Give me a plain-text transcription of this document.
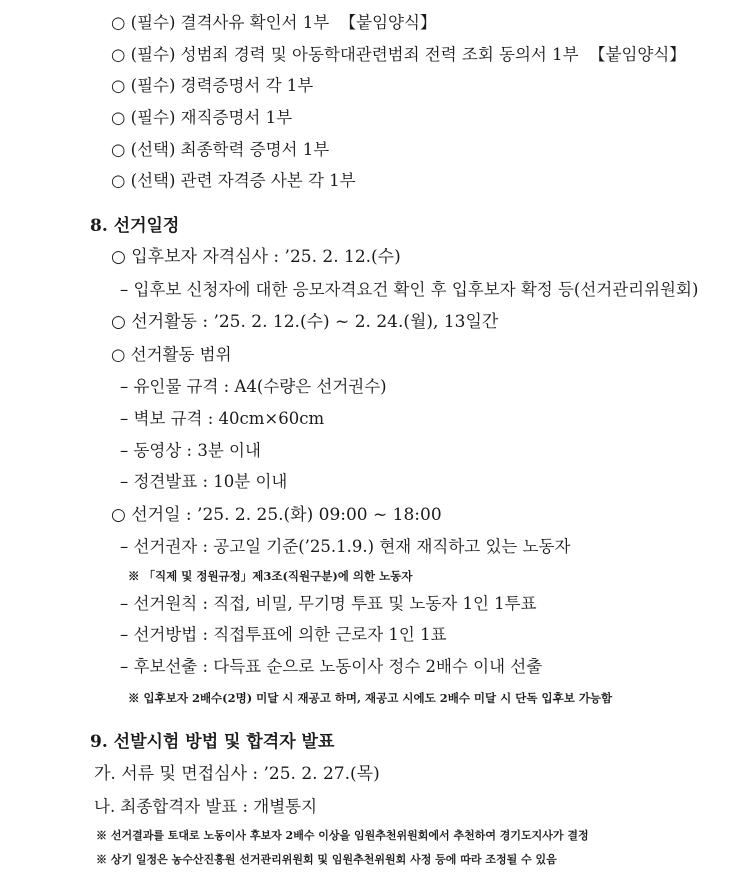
○ (필수) 결격사유 확인서 1부 【붙임양식】
○ (필수) 성범죄 경력 및 아동학대관련범죄 전력 조회 동의서 1부 【붙임양식】
○ (필수) 경력증명서 각 1부
○ (필수) 재직증명서 1부
○ (선택) 최종학력 증명서 1부
○ (선택) 관련 자격증 사본 각 1부
8. 선거일정
○ 입후보자 자격심사 : ’25. 2. 12.(수)
– 입후보 신청자에 대한 응모자격요건 확인 후 입후보자 확정 등(선거관리위원회)
○ 선거활동 : ’25. 2. 12.(수) ~ 2. 24.(월), 13일간
○ 선거활동 범위
– 유인물 규격 : A4(수량은 선거권수)
– 벽보 규격 : 40cm×60cm
– 동영상 : 3분 이내
– 정견발표 : 10분 이내
○ 선거일 : ’25. 2. 25.(화) 09:00 ~ 18:00
– 선거권자 : 공고일 기준(’25.1.9.) 현재 재직하고 있는 노동자
※ 「직제 및 정원규정」제3조(직원구분)에 의한 노동자
– 선거원칙 : 직접, 비밀, 무기명 투표 및 노동자 1인 1투표
– 선거방법 : 직접투표에 의한 근로자 1인 1표
– 후보선출 : 다득표 순으로 노동이사 정수 2배수 이내 선출
※ 입후보자 2배수(2명) 미달 시 재공고 하며, 재공고 시에도 2배수 미달 시 단독 입후보 가능함
9. 선발시험 방법 및 합격자 발표
가. 서류 및 면접심사 : ’25. 2. 27.(목)
나. 최종합격자 발표 : 개별통지
※ 선거결과를 토대로 노동이사 후보자 2배수 이상을 임원추천위원회에서 추천하여 경기도지사가 결정
※ 상기 일정은 농수산진흥원 선거관리위원회 및 임원추천위원회 사정 등에 따라 조정될 수 있음
